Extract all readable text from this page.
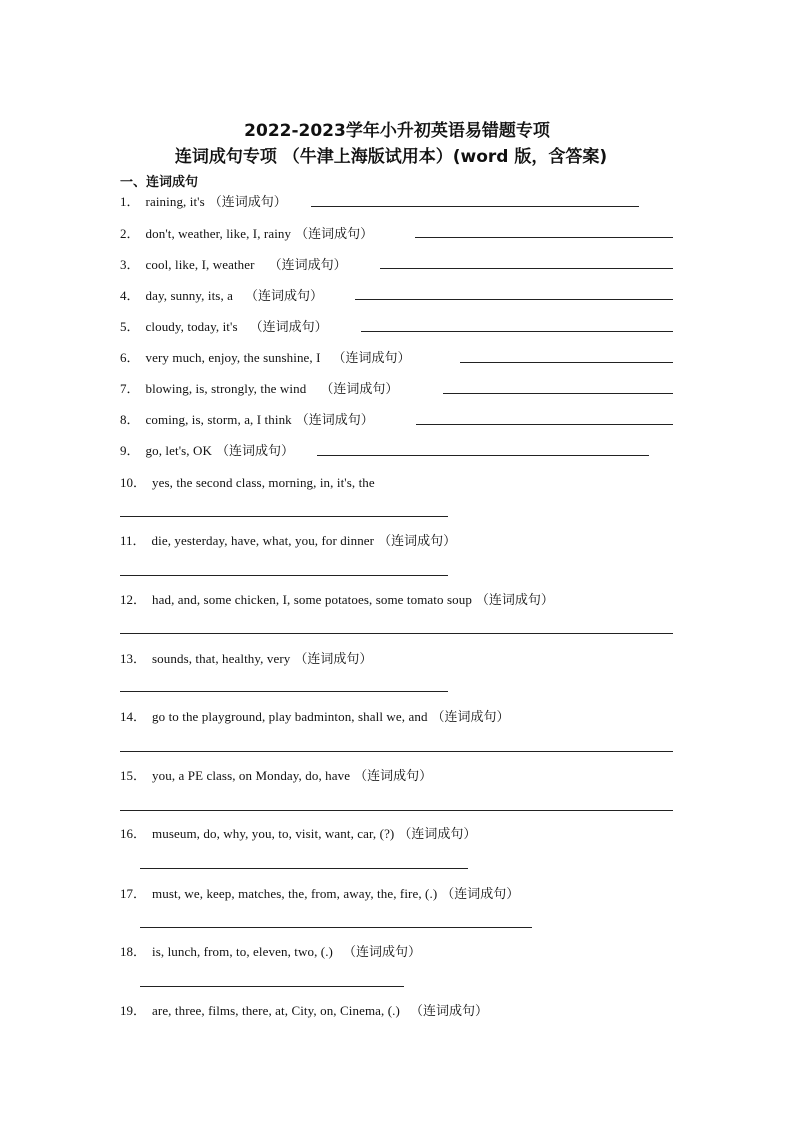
2022-2023学年小升初英语易错题专项
连词成句专项 （牛津上海版试用本）(word 版，含答案)
一、连词成句
1． raining, it's （连词成句）
2． don't, weather, like, I, rainy （连词成句）
3． cool, like, I, weather （连词成句）
4． day, sunny, its, a （连词成句）
5． cloudy, today, it's （连词成句）
6． very much, enjoy, the sunshine, I （连词成句）
7． blowing, is, strongly, the wind （连词成句）
8． coming, is, storm, a, I think （连词成句）
9． go, let's, OK （连词成句）
10． yes, the second class, morning, in, it's, the
11． die, yesterday, have, what, you, for dinner （连词成句）
12． had, and, some chicken, I, some potatoes, some tomato soup （连词成句）
13． sounds, that, healthy, very （连词成句）
14． go to the playground, play badminton, shall we, and （连词成句）
15． you, a PE class, on Monday, do, have （连词成句）
16． museum, do, why, you, to, visit, want, car, (?) （连词成句）
17． must, we, keep, matches, the, from, away, the, fire, (.) （连词成句）
18． is, lunch, from, to, eleven, two, (.) （连词成句）
19． are, three, films, there, at, City, on, Cinema, (.) （连词成句）
